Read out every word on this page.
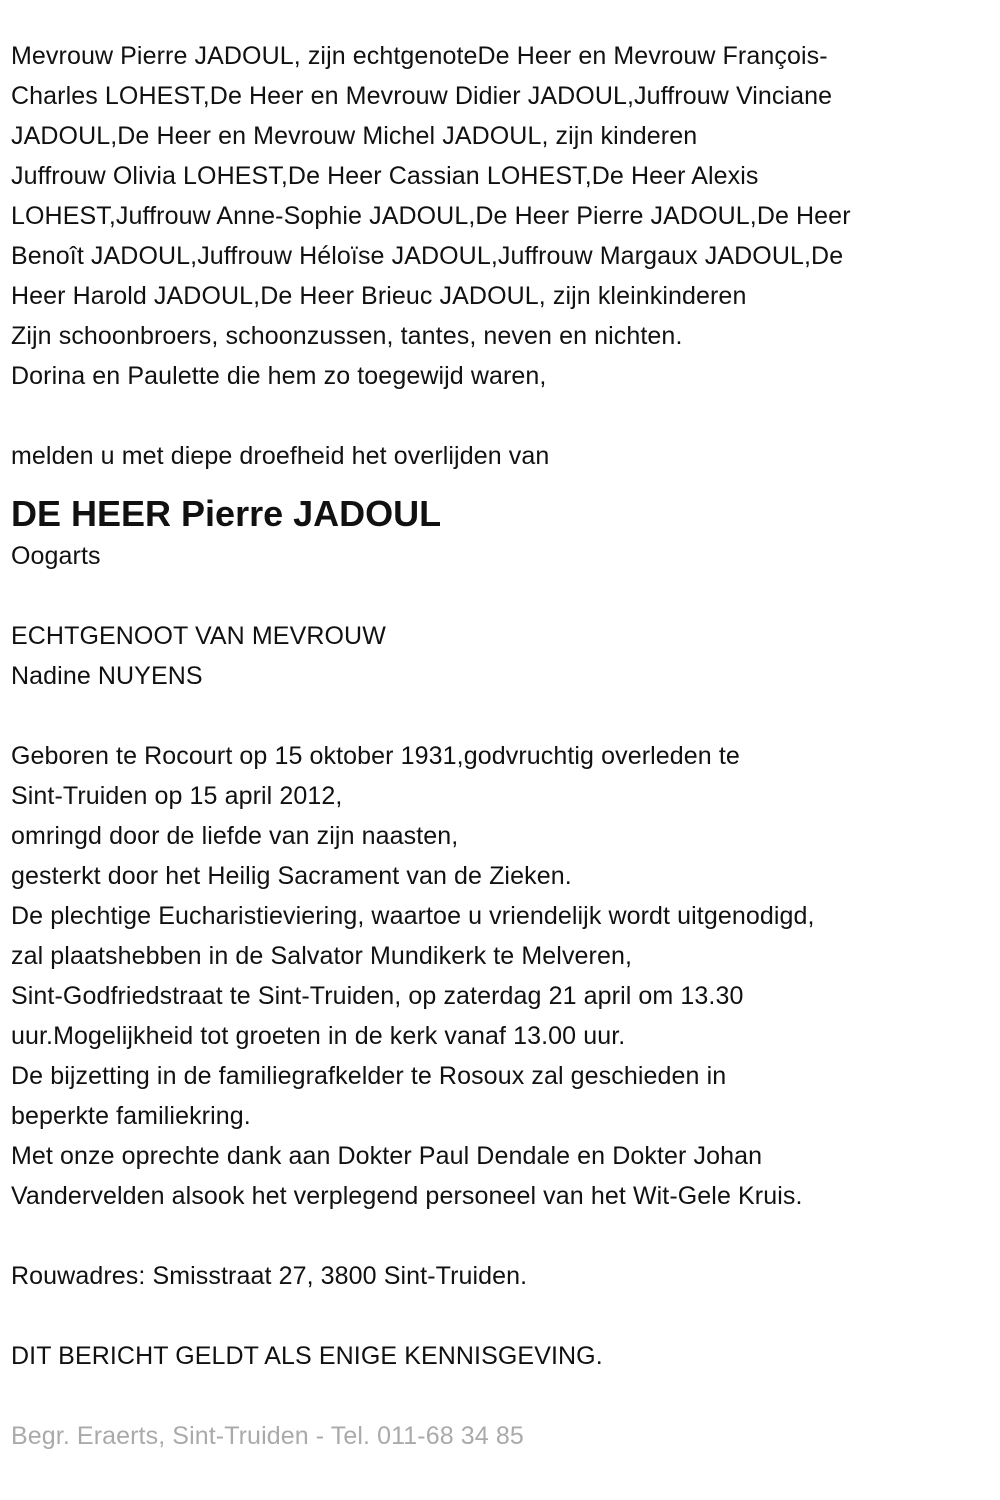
Mevrouw Pierre JADOUL, zijn echtgenoteDe Heer en Mevrouw François-
Charles LOHEST,De Heer en Mevrouw Didier JADOUL,Juffrouw Vinciane
JADOUL,De Heer en Mevrouw Michel JADOUL, zijn kinderen
Juffrouw Olivia LOHEST,De Heer Cassian LOHEST,De Heer Alexis
LOHEST,Juffrouw Anne-Sophie JADOUL,De Heer Pierre JADOUL,De Heer
Benoît JADOUL,Juffrouw Héloïse JADOUL,Juffrouw Margaux JADOUL,De
Heer Harold JADOUL,De Heer Brieuc JADOUL, zijn kleinkinderen
Zijn schoonbroers, schoonzussen, tantes, neven en nichten.
Dorina en Paulette die hem zo toegewijd waren,
melden u met diepe droefheid het overlijden van
DE HEER Pierre JADOUL
Oogarts
ECHTGENOOT VAN MEVROUW
Nadine NUYENS
Geboren te Rocourt op 15 oktober 1931,godvruchtig overleden te
Sint-Truiden op 15 april 2012,
omringd door de liefde van zijn naasten,
gesterkt door het Heilig Sacrament van de Zieken.
De plechtige Eucharistieviering, waartoe u vriendelijk wordt uitgenodigd,
zal plaatshebben in de Salvator Mundikerk te Melveren,
Sint-Godfriedstraat te Sint-Truiden, op zaterdag 21 april om 13.30
uur.Mogelijkheid tot groeten in de kerk vanaf 13.00 uur.
De bijzetting in de familiegrafkelder te Rosoux zal geschieden in
beperkte familiekring.
Met onze oprechte dank aan Dokter Paul Dendale en Dokter Johan
Vandervelden alsook het verplegend personeel van het Wit-Gele Kruis.
Rouwadres: Smisstraat 27, 3800 Sint-Truiden.
DIT BERICHT GELDT ALS ENIGE KENNISGEVING.
Begr. Eraerts, Sint-Truiden - Tel. 011-68 34 85
